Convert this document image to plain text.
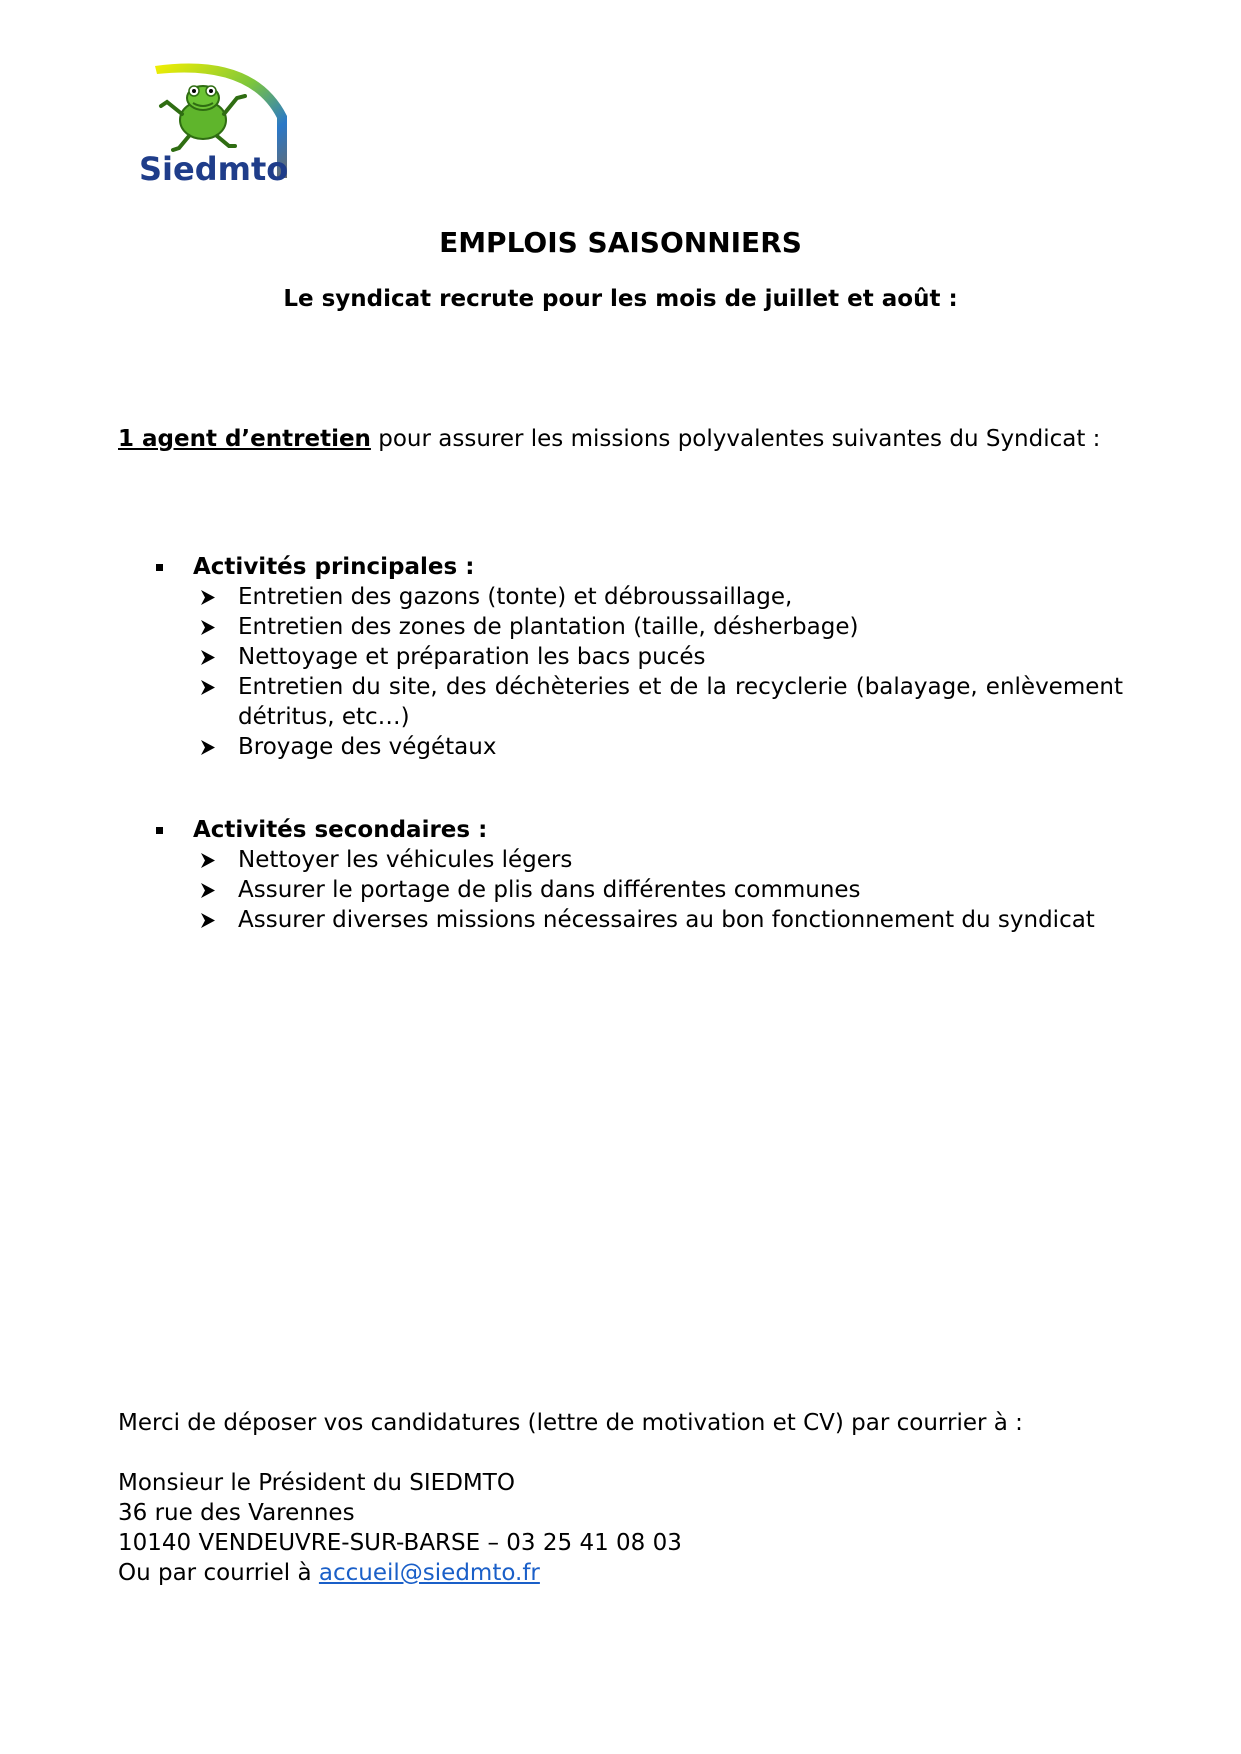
Siedmto
EMPLOIS SAISONNIERS
Le syndicat recrute pour les mois de juillet et août :

1 agent d’entretien pour assurer les missions polyvalentes suivantes du Syndicat :

Activités principales :
Entretien des gazons (tonte) et débroussaillage,
Entretien des zones de plantation (taille, désherbage)
Nettoyage et préparation les bacs pucés
Entretien du site, des déchèteries et de la recyclerie (balayage, enlèvement détritus, etc…)
Broyage des végétaux
Activités secondaires :
Nettoyer les véhicules légers
Assurer le portage de plis dans différentes communes
Assurer diverses missions nécessaires au bon fonctionnement du syndicat

Merci de déposer vos candidatures (lettre de motivation et CV) par courrier à :

Monsieur le Président du SIEDMTO

36 rue des Varennes

10140 VENDEUVRE-SUR-BARSE – 03 25 41 08 03

Ou par courriel à accueil@siedmto.fr
